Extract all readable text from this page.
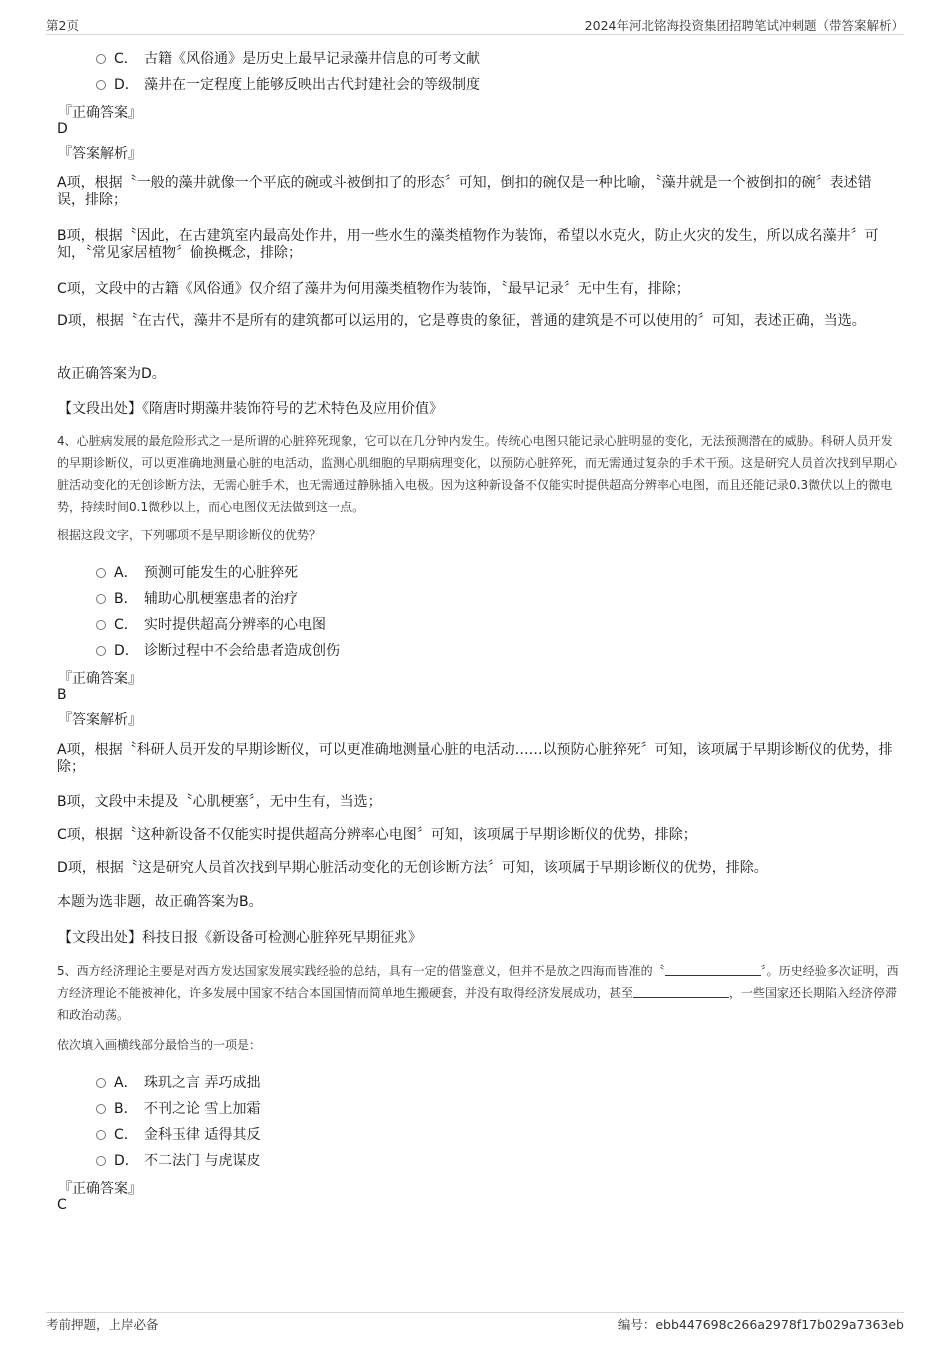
第2页	2024年河北铭海投资集团招聘笔试冲刺题（带答案解析）
C． 古籍《风俗通》是历史上最早记录藻井信息的可考文献
D． 藻井在一定程度上能够反映出古代封建社会的等级制度
『正确答案』
D
『答案解析』
A项，根据〝一般的藻井就像一个平底的碗或斗被倒扣了的形态〞可知，倒扣的碗仅是一种比喻，〝藻井就是一个被倒扣的碗〞表述错误，排除；
B项，根据〝因此，在古建筑室内最高处作井，用一些水生的藻类植物作为装饰，希望以水克火，防止火灾的发生，所以成名藻井〞可知，〝常见家居植物〞偷换概念，排除；
C项，文段中的古籍《风俗通》仅介绍了藻井为何用藻类植物作为装饰，〝最早记录〞无中生有，排除；
D项，根据〝在古代，藻井不是所有的建筑都可以运用的，它是尊贵的象征，普通的建筑是不可以使用的〞可知，表述正确，当选。
故正确答案为D。
【文段出处】《隋唐时期藻井装饰符号的艺术特色及应用价值》
4、心脏病发展的最危险形式之一是所谓的心脏猝死现象，它可以在几分钟内发生。传统心电图只能记录心脏明显的变化，无法预测潜在的威胁。科研人员开发的早期诊断仪，可以更准确地测量心脏的电活动，监测心肌细胞的早期病理变化，以预防心脏猝死，而无需通过复杂的手术干预。这是研究人员首次找到早期心脏活动变化的无创诊断方法，无需心脏手术，也无需通过静脉插入电极。因为这种新设备不仅能实时提供超高分辨率心电图，而且还能记录0.3微伏以上的微电势，持续时间0.1微秒以上，而心电图仪无法做到这一点。
根据这段文字，下列哪项不是早期诊断仪的优势？
A． 预测可能发生的心脏猝死
B． 辅助心肌梗塞患者的治疗
C． 实时提供超高分辨率的心电图
D． 诊断过程中不会给患者造成创伤
『正确答案』
B
『答案解析』
A项，根据〝科研人员开发的早期诊断仪，可以更准确地测量心脏的电活动……以预防心脏猝死〞可知，该项属于早期诊断仪的优势，排除；
B项，文段中未提及〝心肌梗塞〞，无中生有，当选；
C项，根据〝这种新设备不仅能实时提供超高分辨率心电图〞可知，该项属于早期诊断仪的优势，排除；
D项，根据〝这是研究人员首次找到早期心脏活动变化的无创诊断方法〞可知，该项属于早期诊断仪的优势，排除。
本题为选非题，故正确答案为B。
【文段出处】科技日报《新设备可检测心脏猝死早期征兆》
5、西方经济理论主要是对西方发达国家发展实践经验的总结，具有一定的借鉴意义，但并不是放之四海而皆准的〝	〞。历史经验多次证明，西方经济理论不能被神化，许多发展中国家不结合本国国情而简单地生搬硬套，并没有取得经济发展成功，甚至	，一些国家还长期陷入经济停滞和政治动荡。
依次填入画横线部分最恰当的一项是：
A． 珠玑之言 弄巧成拙
B． 不刊之论 雪上加霜
C． 金科玉律 适得其反
D． 不二法门 与虎谋皮
『正确答案』
C
考前押题，上岸必备	编号：ebb447698c266a2978f17b029a7363eb
